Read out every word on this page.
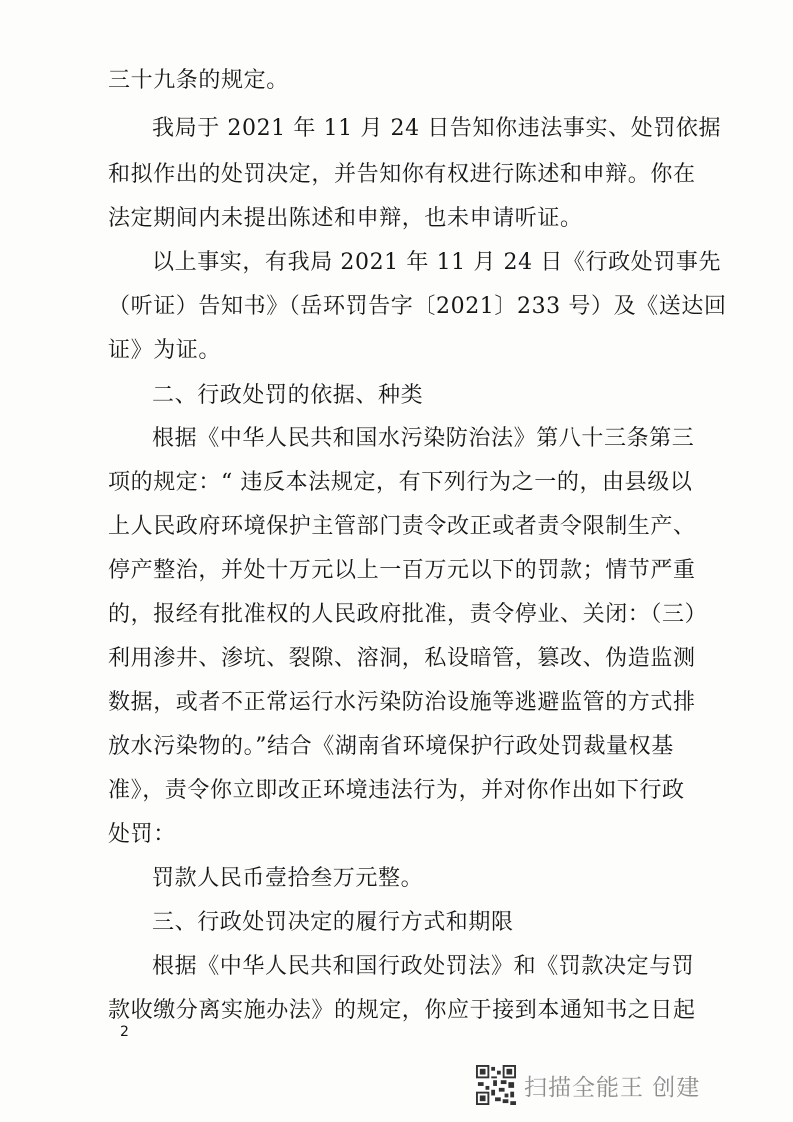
三十九条的规定。
我局于 2021 年 11 月 24 日告知你违法事实、处罚依据
和拟作出的处罚决定，并告知你有权进行陈述和申辩。你在
法定期间内未提出陈述和申辩，也未申请听证。
以上事实，有我局 2021 年 11 月 24 日《行政处罚事先
（听证）告知书》（岳环罚告字〔2021〕233 号）及《送达回
证》为证。
二、行政处罚的依据、种类
根据《中华人民共和国水污染防治法》第八十三条第三
项的规定：“ 违反本法规定，有下列行为之一的，由县级以
上人民政府环境保护主管部门责令改正或者责令限制生产、
停产整治，并处十万元以上一百万元以下的罚款；情节严重
的，报经有批准权的人民政府批准，责令停业、关闭：（三）
利用渗井、渗坑、裂隙、溶洞，私设暗管，篡改、伪造监测
数据，或者不正常运行水污染防治设施等逃避监管的方式排
放水污染物的。”结合《湖南省环境保护行政处罚裁量权基
准》，责令你立即改正环境违法行为，并对你作出如下行政
处罚：
罚款人民币壹拾叁万元整。
三、行政处罚决定的履行方式和期限
根据《中华人民共和国行政处罚法》和《罚款决定与罚
款收缴分离实施办法》的规定，你应于接到本通知书之日起
2
扫描全能王 创建
